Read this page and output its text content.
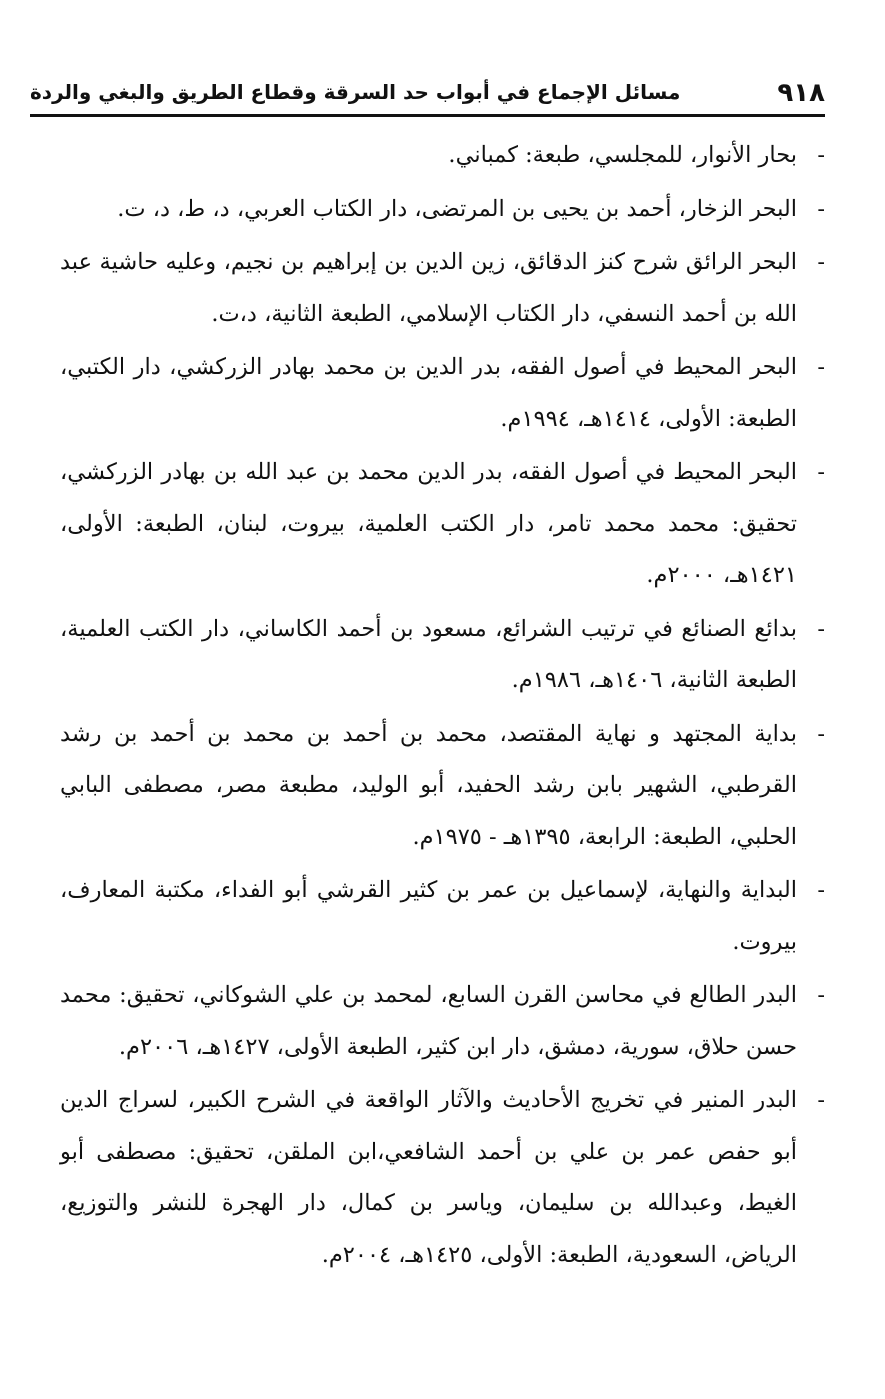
٩١٨
مسائل الإجماع في أبواب حد السرقة وقطاع الطريق والبغي والردة
-
بحار الأنوار، للمجلسي، طبعة: كمباني.
-
البحر الزخار، أحمد بن يحيى بن المرتضى، دار الكتاب العربي، د، ط، د، ت.
-
البحر الرائق شرح كنز الدقائق، زين الدين بن إبراهيم بن نجيم، وعليه حاشية عبد الله بن أحمد النسفي، دار الكتاب الإسلامي، الطبعة الثانية، د،ت.
-
البحر المحيط في أصول الفقه، بدر الدين بن محمد بهادر الزركشي، دار الكتبي، الطبعة: الأولى، ١٤١٤هـ، ١٩٩٤م.
-
البحر المحيط في أصول الفقه، بدر الدين محمد بن عبد الله بن بهادر الزركشي، تحقيق: محمد محمد تامر، دار الكتب العلمية، بيروت، لبنان، الطبعة: الأولى، ١٤٢١هـ، ٢٠٠٠م.
-
بدائع الصنائع في ترتيب الشرائع، مسعود بن أحمد الكاساني، دار الكتب العلمية، الطبعة الثانية، ١٤٠٦هـ، ١٩٨٦م.
-
بداية المجتهد و نهاية المقتصد، محمد بن أحمد بن محمد بن أحمد بن رشد القرطبي، الشهير بابن رشد الحفيد، أبو الوليد، مطبعة مصر، مصطفى البابي الحلبي، الطبعة: الرابعة، ١٣٩٥هـ - ١٩٧٥م.
-
البداية والنهاية، لإسماعيل بن عمر بن كثير القرشي أبو الفداء، مكتبة المعارف، بيروت.
-
البدر الطالع في محاسن القرن السابع، لمحمد بن علي الشوكاني، تحقيق: محمد حسن حلاق، سورية، دمشق، دار ابن كثير، الطبعة الأولى، ١٤٢٧هـ، ٢٠٠٦م.
-
البدر المنير في تخريج الأحاديث والآثار الواقعة في الشرح الكبير، لسراج الدين أبو حفص عمر بن علي بن أحمد الشافعي،ابن الملقن، تحقيق: مصطفى أبو الغيط، وعبدالله بن سليمان، وياسر بن كمال، دار الهجرة للنشر والتوزيع، الرياض، السعودية، الطبعة: الأولى، ١٤٢٥هـ، ٢٠٠٤م.
